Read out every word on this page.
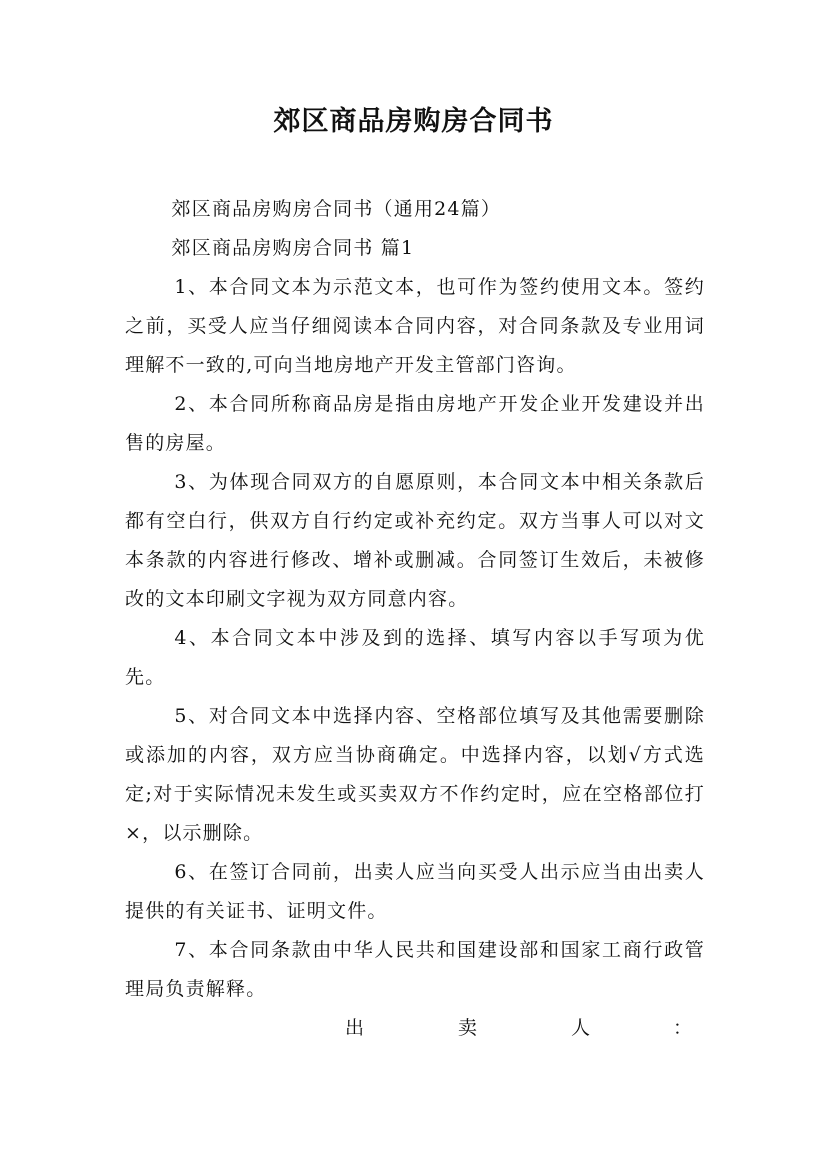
郊区商品房购房合同书

郊区商品房购房合同书（通用24篇）

郊区商品房购房合同书 篇1

1、本合同文本为示范文本，也可作为签约使用文本。签约之前，买受人应当仔细阅读本合同内容，对合同条款及专业用词理解不一致的,可向当地房地产开发主管部门咨询。

2、本合同所称商品房是指由房地产开发企业开发建设并出售的房屋。

3、为体现合同双方的自愿原则，本合同文本中相关条款后都有空白行，供双方自行约定或补充约定。双方当事人可以对文本条款的内容进行修改、增补或删减。合同签订生效后，未被修改的文本印刷文字视为双方同意内容。

4、本合同文本中涉及到的选择、填写内容以手写项为优先。

5、对合同文本中选择内容、空格部位填写及其他需要删除或添加的内容，双方应当协商确定。中选择内容，以划√方式选定;对于实际情况未发生或买卖双方不作约定时，应在空格部位打×，以示删除。

6、在签订合同前，出卖人应当向买受人出示应当由出卖人提供的有关证书、证明文件。

7、本合同条款由中华人民共和国建设部和国家工商行政管理局负责解释。

出	卖	人	：
